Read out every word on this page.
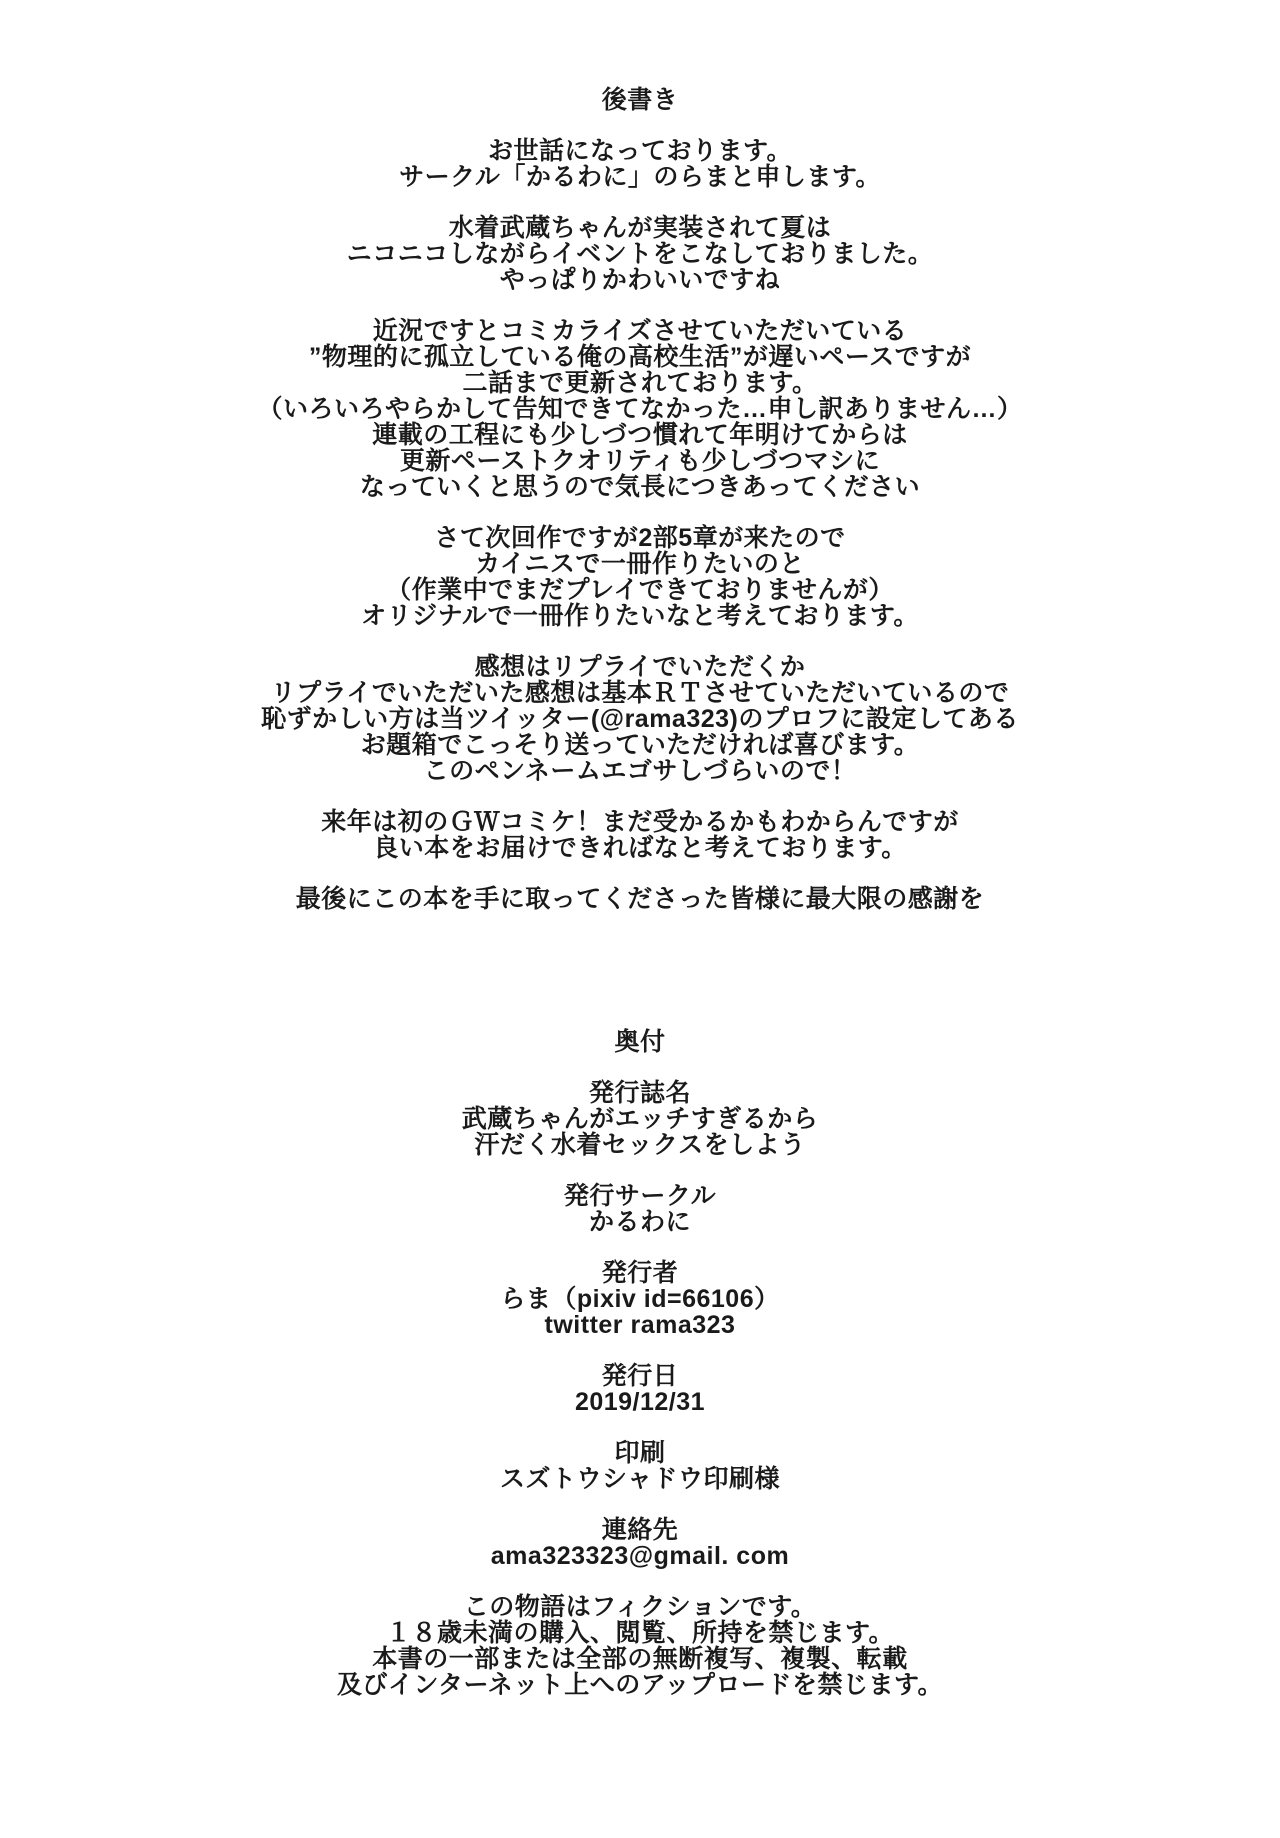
後書き
お世話になっております。
サークル「かるわに」のらまと申します。
水着武蔵ちゃんが実装されて夏は
ニコニコしながらイベントをこなしておりました。
やっぱりかわいいですね
近況ですとコミカライズさせていただいている
”物理的に孤立している俺の高校生活”が遅いペースですが
二話まで更新されております。
（いろいろやらかして告知できてなかった…申し訳ありません…）
連載の工程にも少しづつ慣れて年明けてからは
更新ペーストクオリティも少しづつマシに
なっていくと思うので気長につきあってください
さて次回作ですが2部5章が来たので
カイニスで一冊作りたいのと
（作業中でまだプレイできておりませんが）
オリジナルで一冊作りたいなと考えております。
感想はリプライでいただくか
リプライでいただいた感想は基本ＲＴさせていただいているので
恥ずかしい方は当ツイッター(@rama323)のプロフに設定してある
お題箱でこっそり送っていただければ喜びます。
このペンネームエゴサしづらいので！
来年は初のＧＷコミケ！まだ受かるかもわからんですが
良い本をお届けできればなと考えております。
最後にこの本を手に取ってくださった皆様に最大限の感謝を
奥付
発行誌名
武蔵ちゃんがエッチすぎるから
汗だく水着セックスをしよう
発行サークル
かるわに
発行者
らま（pixiv id=66106）
twitter rama323
発行日
2019/12/31
印刷
スズトウシャドウ印刷様
連絡先
ama323323@gmail. com
この物語はフィクションです。
１８歳未満の購入、閲覧、所持を禁じます。
本書の一部または全部の無断複写、複製、転載
及びインターネット上へのアップロードを禁じます。
